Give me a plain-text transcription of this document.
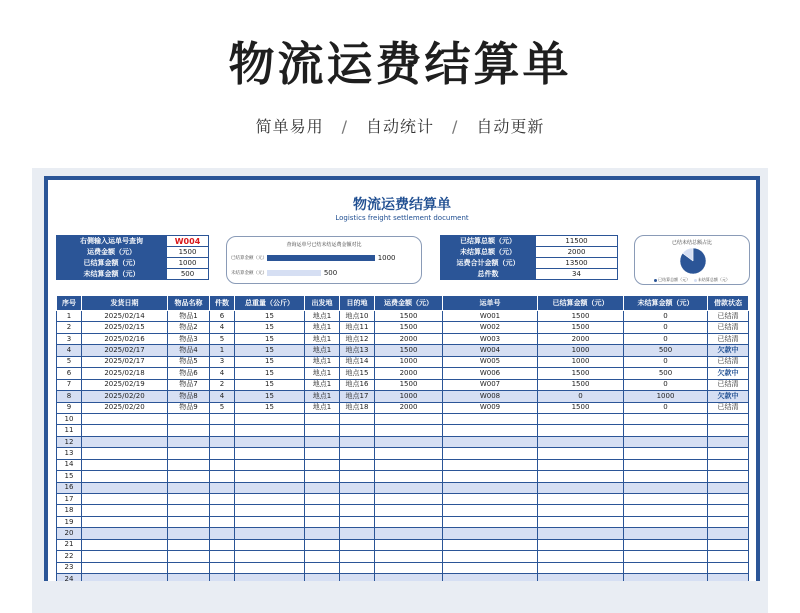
物流运费结算单
简单易用 / 自动统计 / 自动更新
物流运费结算单
Logistics freight settlement document
右侧输入运单号查询	W004
运费金额（元）	1500
已结算金额（元）	1000
未结算金额（元）	500
查询运单号已结未结运费金额对比
已结算金额（元）	1000
未结算金额（元）	500
已结算总额（元）	11500
未结算总额（元）	2000
运费合计金额（元）	13500
总件数	34
已结未结总额占比
已结算总额（元） 未结算总额（元）
序号	发货日期	物品名称	件数	总重量（公斤）	出发地	目的地	运费金额（元）	运单号	已结算金额（元）	未结算金额（元）	借款状态
1	2025/02/14	物品1	6	15	地点1	地点10	1500	W001	1500	0	已结清
2	2025/02/15	物品2	4	15	地点1	地点11	1500	W002	1500	0	已结清
3	2025/02/16	物品3	5	15	地点1	地点12	2000	W003	2000	0	已结清
4	2025/02/17	物品4	1	15	地点1	地点13	1500	W004	1000	500	欠款中
5	2025/02/17	物品5	3	15	地点1	地点14	1000	W005	1000	0	已结清
6	2025/02/18	物品6	4	15	地点1	地点15	2000	W006	1500	500	欠款中
7	2025/02/19	物品7	2	15	地点1	地点16	1500	W007	1500	0	已结清
8	2025/02/20	物品8	4	15	地点1	地点17	1000	W008	0	1000	欠款中
9	2025/02/20	物品9	5	15	地点1	地点18	2000	W009	1500	0	已结清
10											
11											
12											
13											
14											
15											
16											
17											
18											
19											
20											
21											
22											
23											
24											
